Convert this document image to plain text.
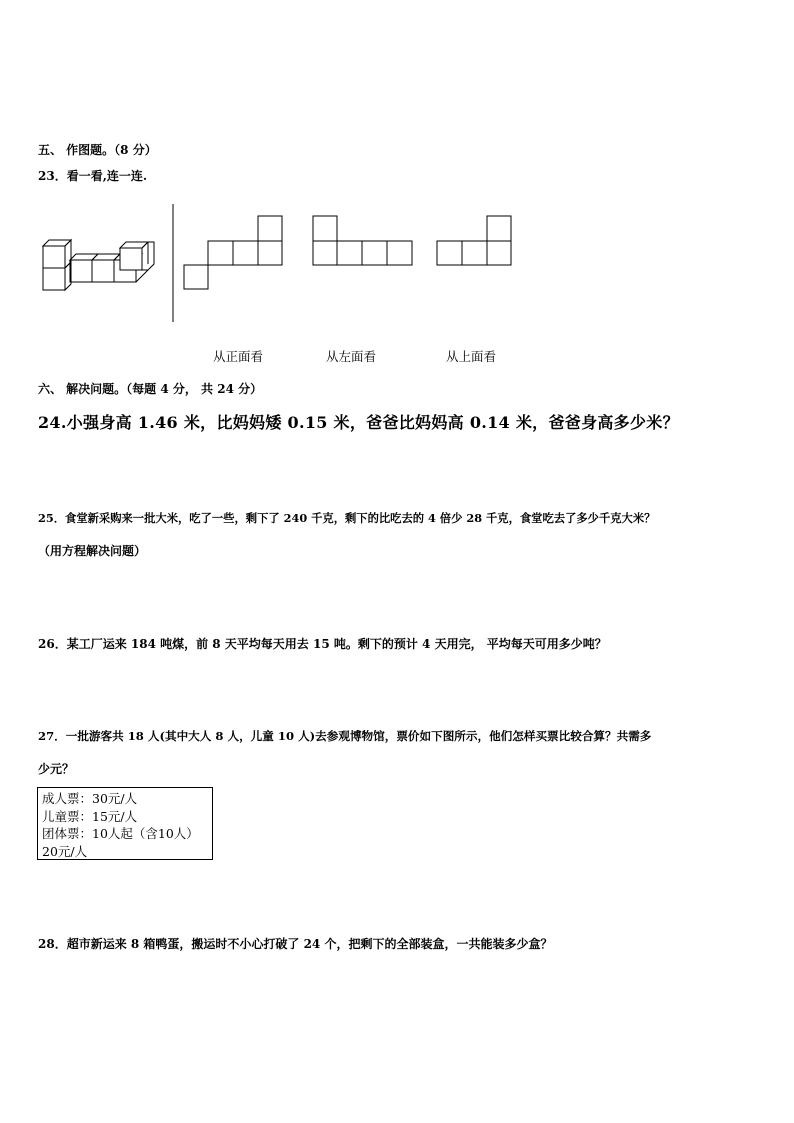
五、 作图题。（8 分）
23．看一看,连一连.
从正面看	从左面看	从上面看
六、 解决问题。（每题 4 分， 共 24 分）
24.小强身高 1.46 米，比妈妈矮 0.15 米，爸爸比妈妈高 0.14 米，爸爸身高多少米？
25．食堂新采购来一批大米，吃了一些，剩下了 240 千克，剩下的比吃去的 4 倍少 28 千克，食堂吃去了多少千克大米？
（用方程解决问题）
26．某工厂运来 184 吨煤，前 8 天平均每天用去 15 吨。剩下的预计 4 天用完， 平均每天可用多少吨？
27．一批游客共 18 人(其中大人 8 人，儿童 10 人)去参观博物馆，票价如下图所示，他们怎样买票比较合算？共需多
少元？
成人票：30元/人
儿童票：15元/人
团体票：10人起（含10人）
20元/人
28．超市新运来 8 箱鸭蛋，搬运时不小心打破了 24 个，把剩下的全部装盒，一共能装多少盒？
